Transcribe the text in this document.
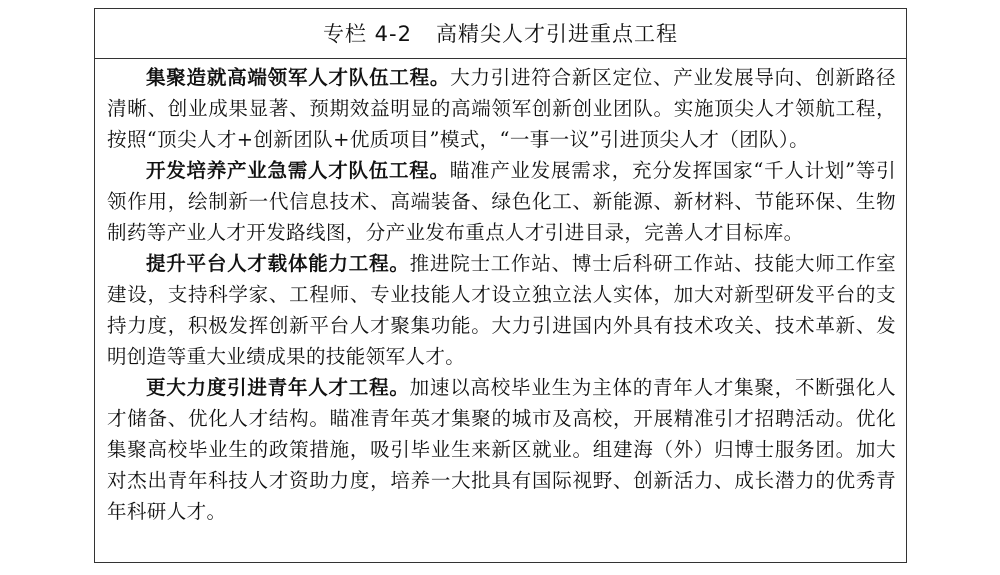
专栏 4-2 高精尖人才引进重点工程

集聚造就高端领军人才队伍工程。大力引进符合新区定位、产业发展导向、创新路径清晰、创业成果显著、预期效益明显的高端领军创新创业团队。实施顶尖人才领航工程，按照“顶尖人才+创新团队+优质项目”模式，“一事一议”引进顶尖人才（团队）。

开发培养产业急需人才队伍工程。瞄准产业发展需求，充分发挥国家“千人计划”等引领作用，绘制新一代信息技术、高端装备、绿色化工、新能源、新材料、节能环保、生物制药等产业人才开发路线图，分产业发布重点人才引进目录，完善人才目标库。

提升平台人才载体能力工程。推进院士工作站、博士后科研工作站、技能大师工作室建设，支持科学家、工程师、专业技能人才设立独立法人实体，加大对新型研发平台的支持力度，积极发挥创新平台人才聚集功能。大力引进国内外具有技术攻关、技术革新、发明创造等重大业绩成果的技能领军人才。

更大力度引进青年人才工程。加速以高校毕业生为主体的青年人才集聚，不断强化人才储备、优化人才结构。瞄准青年英才集聚的城市及高校，开展精准引才招聘活动。优化集聚高校毕业生的政策措施，吸引毕业生来新区就业。组建海（外）归博士服务团。加大对杰出青年科技人才资助力度，培养一大批具有国际视野、创新活力、成长潜力的优秀青年科研人才。
